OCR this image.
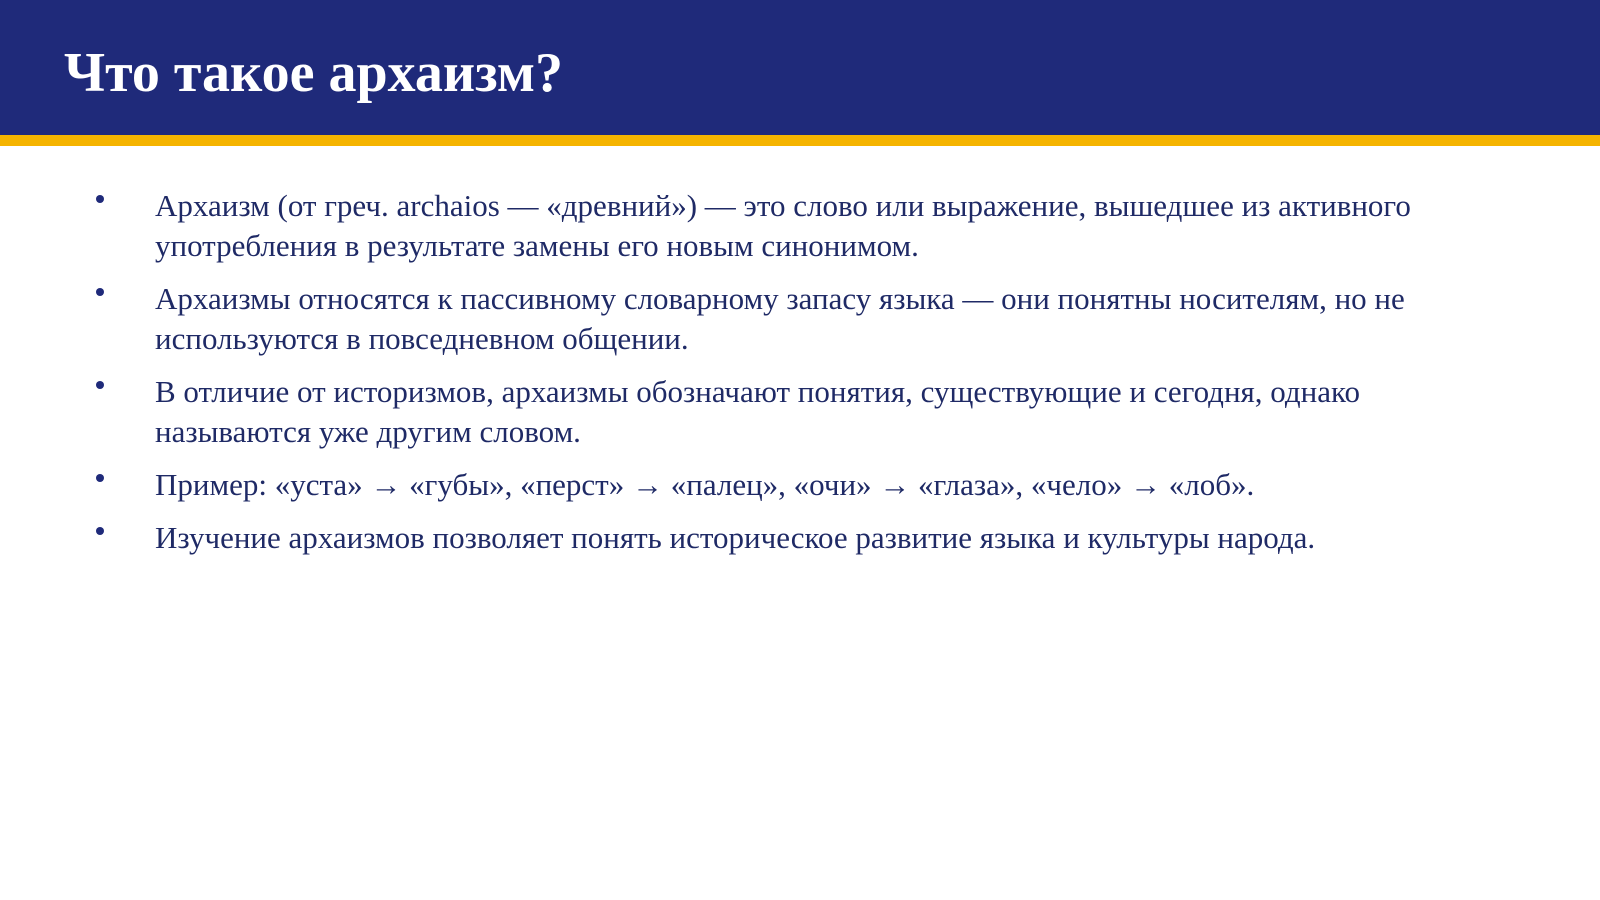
Что такое архаизм?
Архаизм (от греч. archaios — «древний») — это слово или выражение, вышедшее из активного употребления в результате замены его новым синонимом.
Архаизмы относятся к пассивному словарному запасу языка — они понятны носителям, но не используются в повседневном общении.
В отличие от историзмов, архаизмы обозначают понятия, существующие и сегодня, однако называются уже другим словом.
Пример: «уста» → «губы», «перст» → «палец», «очи» → «глаза», «чело» → «лоб».
Изучение архаизмов позволяет понять историческое развитие языка и культуры народа.
